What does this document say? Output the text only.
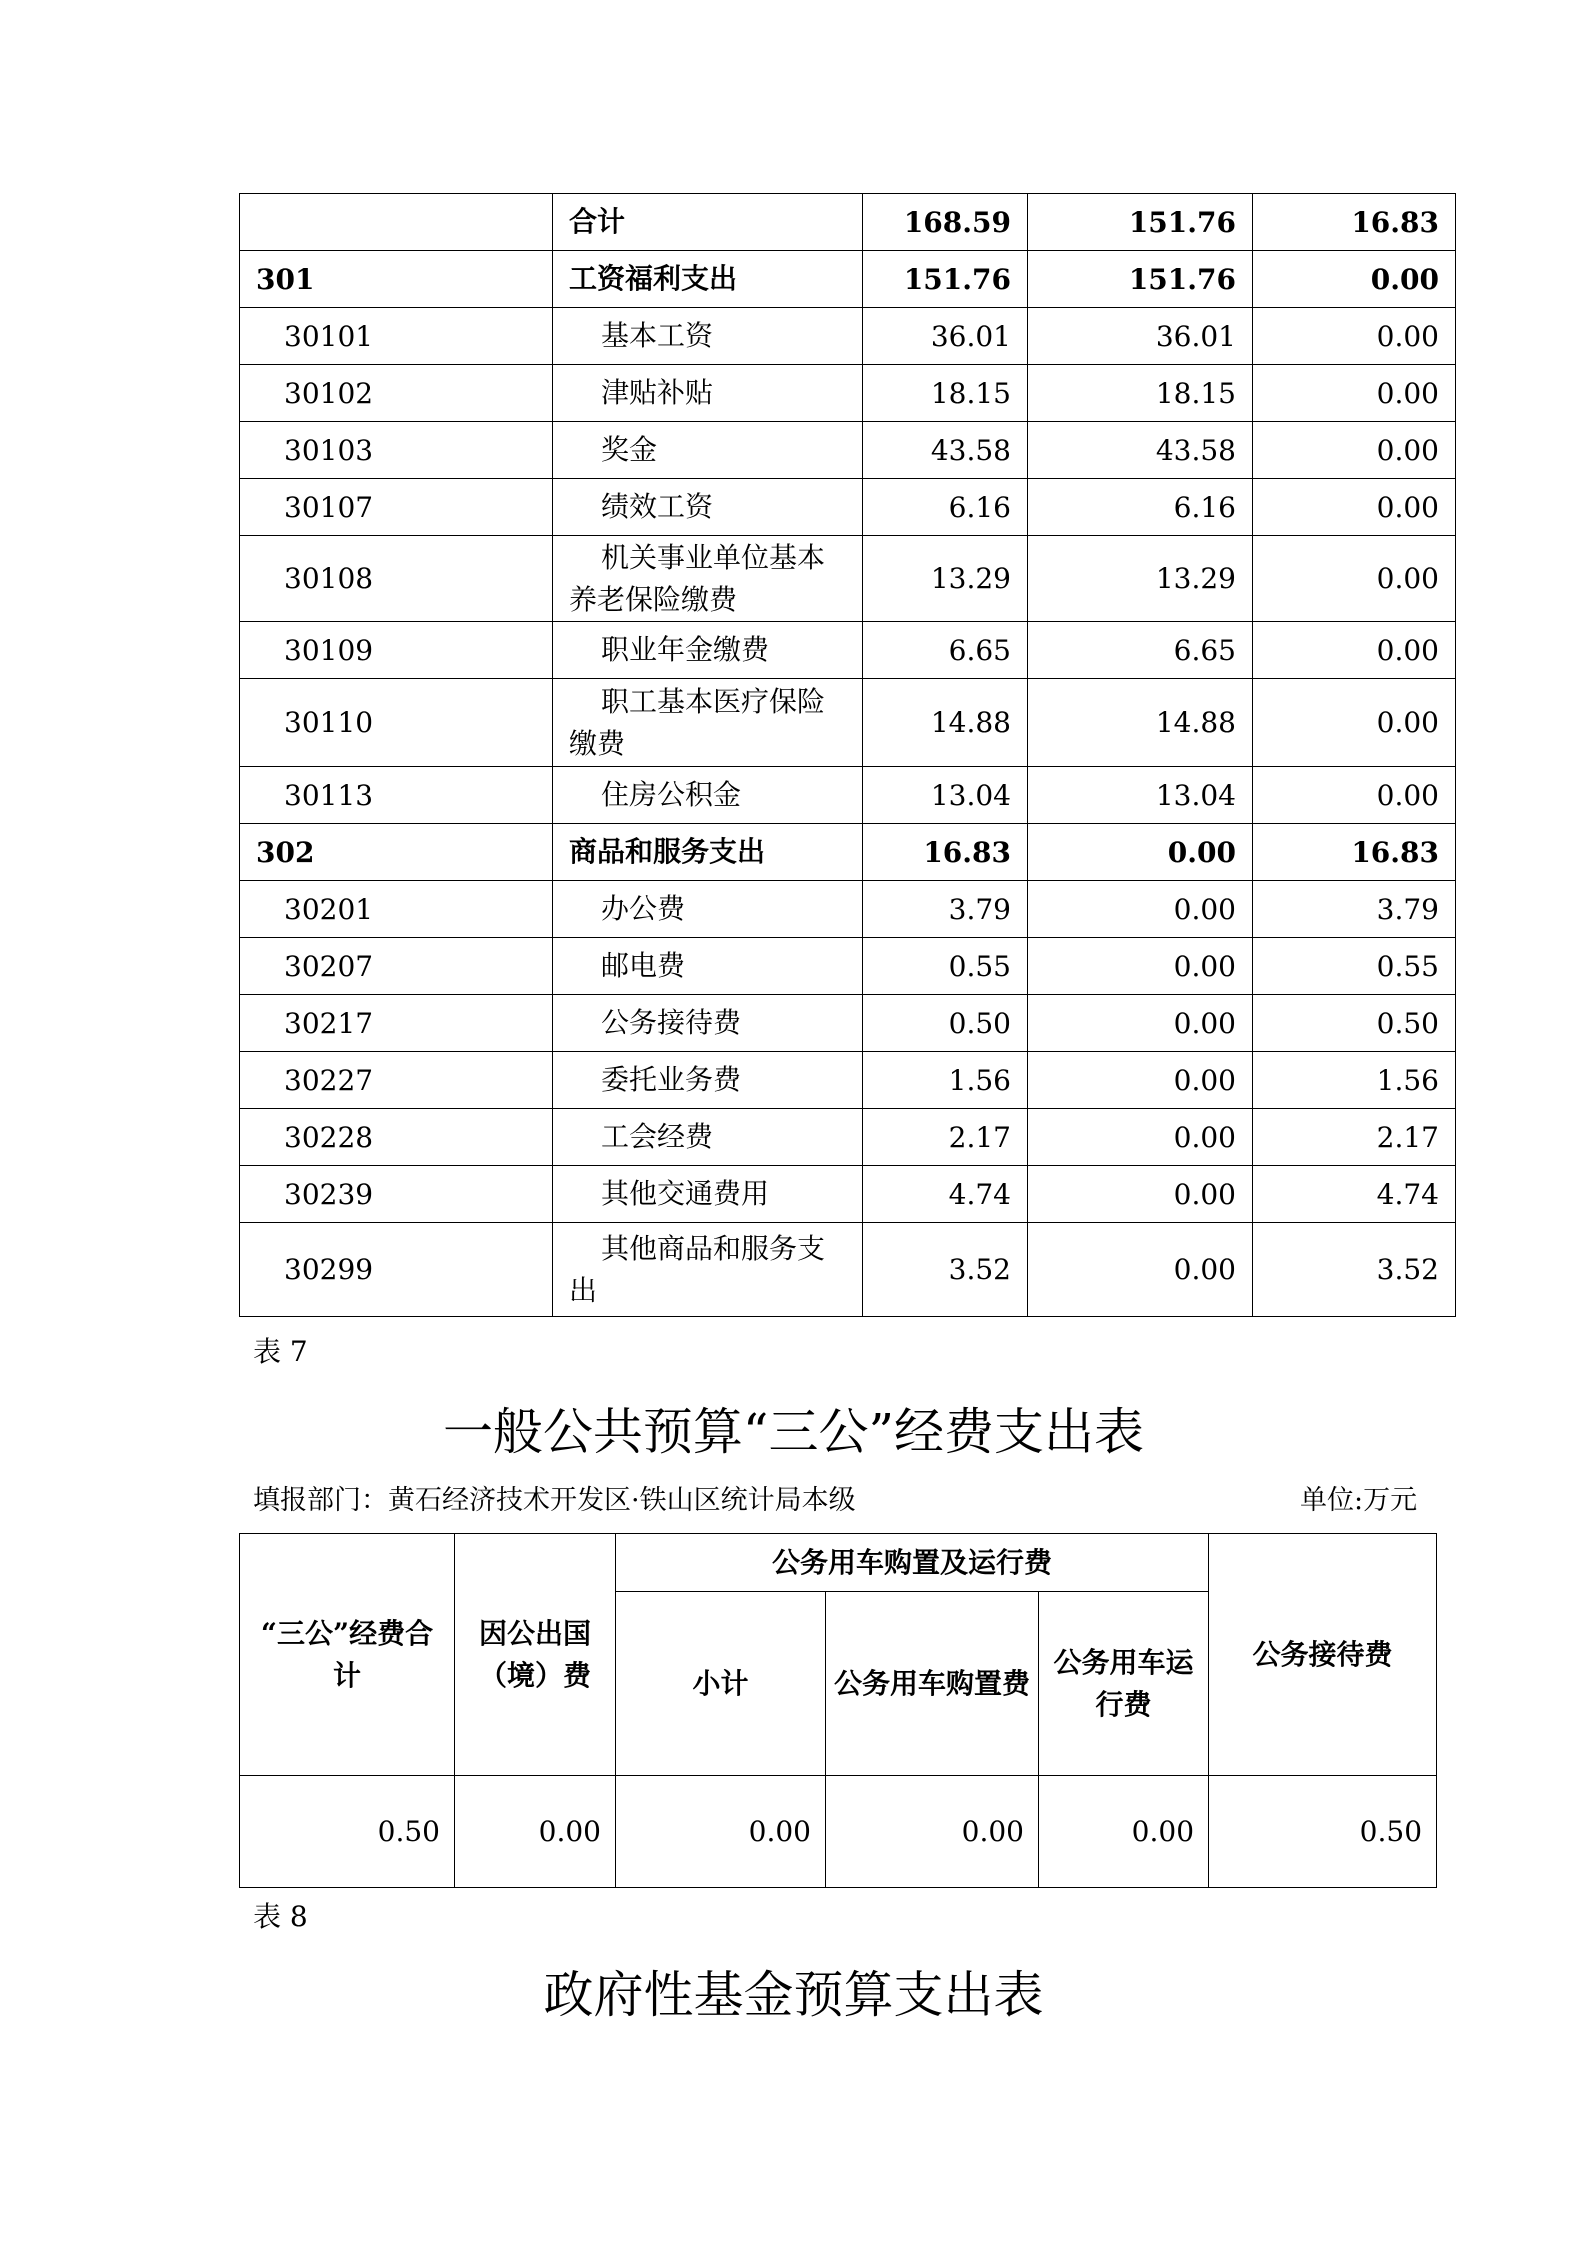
	合计	168.59	151.76	16.83
301	工资福利支出	151.76	151.76	0.00
30101	基本工资	36.01	36.01	0.00
30102	津贴补贴	18.15	18.15	0.00
30103	奖金	43.58	43.58	0.00
30107	绩效工资	6.16	6.16	0.00
30108	机关事业单位基本养老保险缴费	13.29	13.29	0.00
30109	职业年金缴费	6.65	6.65	0.00
30110	职工基本医疗保险缴费	14.88	14.88	0.00
30113	住房公积金	13.04	13.04	0.00
302	商品和服务支出	16.83	0.00	16.83
30201	办公费	3.79	0.00	3.79
30207	邮电费	0.55	0.00	0.55
30217	公务接待费	0.50	0.00	0.50
30227	委托业务费	1.56	0.00	1.56
30228	工会经费	2.17	0.00	2.17
30239	其他交通费用	4.74	0.00	4.74
30299	其他商品和服务支出	3.52	0.00	3.52
表 7
一般公共预算“三公”经费支出表
填报部门：黄石经济技术开发区·铁山区统计局本级	单位:万元
“三公”经费合计	因公出国（境）费	公务用车购置及运行费			公务接待费
		小计	公务用车购置费	公务用车运行费	
0.50	0.00	0.00	0.00	0.00	0.50
表 8
政府性基金预算支出表
